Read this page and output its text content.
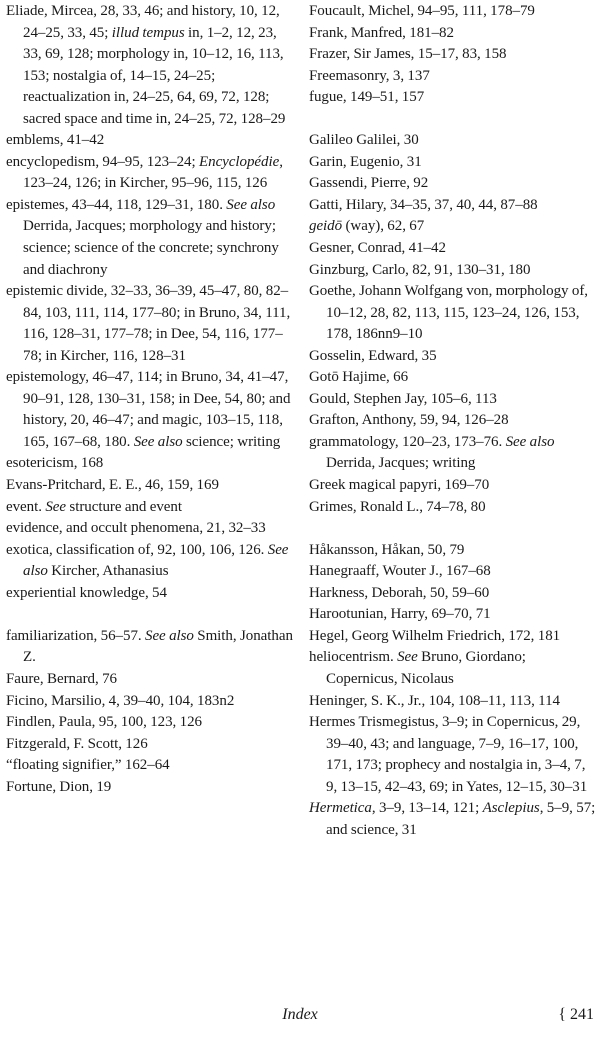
Eliade, Mircea, 28, 33, 46; and history, 10, 12, 24–25, 33, 45; illud tempus in, 1–2, 12, 23, 33, 69, 128; morphology in, 10–12, 16, 113, 153; nostalgia of, 14–15, 24–25; reactualization in, 24–25, 64, 69, 72, 128; sacred space and time in, 24–25, 72, 128–29
emblems, 41–42
encyclopedism, 94–95, 123–24; Encyclopédie, 123–24, 126; in Kircher, 95–96, 115, 126
epistemes, 43–44, 118, 129–31, 180. See also Derrida, Jacques; morphology and history; science; science of the concrete; synchrony and diachrony
epistemic divide, 32–33, 36–39, 45–47, 80, 82–84, 103, 111, 114, 177–80; in Bruno, 34, 111, 116, 128–31, 177–78; in Dee, 54, 116, 177–78; in Kircher, 116, 128–31
epistemology, 46–47, 114; in Bruno, 34, 41–47, 90–91, 128, 130–31, 158; in Dee, 54, 80; and history, 20, 46–47; and magic, 103–15, 118, 165, 167–68, 180. See also science; writing
esotericism, 168
Evans-Pritchard, E. E., 46, 159, 169
event. See structure and event
evidence, and occult phenomena, 21, 32–33
exotica, classification of, 92, 100, 106, 126. See also Kircher, Athanasius
experiential knowledge, 54
familiarization, 56–57. See also Smith, Jonathan Z.
Faure, Bernard, 76
Ficino, Marsilio, 4, 39–40, 104, 183n2
Findlen, Paula, 95, 100, 123, 126
Fitzgerald, F. Scott, 126
“floating signifier,” 162–64
Fortune, Dion, 19
Foucault, Michel, 94–95, 111, 178–79
Frank, Manfred, 181–82
Frazer, Sir James, 15–17, 83, 158
Freemasonry, 3, 137
fugue, 149–51, 157
Galileo Galilei, 30
Garin, Eugenio, 31
Gassendi, Pierre, 92
Gatti, Hilary, 34–35, 37, 40, 44, 87–88
geidō (way), 62, 67
Gesner, Conrad, 41–42
Ginzburg, Carlo, 82, 91, 130–31, 180
Goethe, Johann Wolfgang von, morphology of, 10–12, 28, 82, 113, 115, 123–24, 126, 153, 178, 186nn9–10
Gosselin, Edward, 35
Gotō Hajime, 66
Gould, Stephen Jay, 105–6, 113
Grafton, Anthony, 59, 94, 126–28
grammatology, 120–23, 173–76. See also Derrida, Jacques; writing
Greek magical papyri, 169–70
Grimes, Ronald L., 74–78, 80
Håkansson, Håkan, 50, 79
Hanegraaff, Wouter J., 167–68
Harkness, Deborah, 50, 59–60
Harootunian, Harry, 69–70, 71
Hegel, Georg Wilhelm Friedrich, 172, 181
heliocentrism. See Bruno, Giordano; Copernicus, Nicolaus
Heninger, S. K., Jr., 104, 108–11, 113, 114
Hermes Trismegistus, 3–9; in Copernicus, 29, 39–40, 43; and language, 7–9, 16–17, 100, 171, 173; prophecy and nostalgia in, 3–4, 7, 9, 13–15, 42–43, 69; in Yates, 12–15, 30–31
Hermetica, 3–9, 13–14, 121; Asclepius, 5–9, 57; and science, 31
Index	{ 241
